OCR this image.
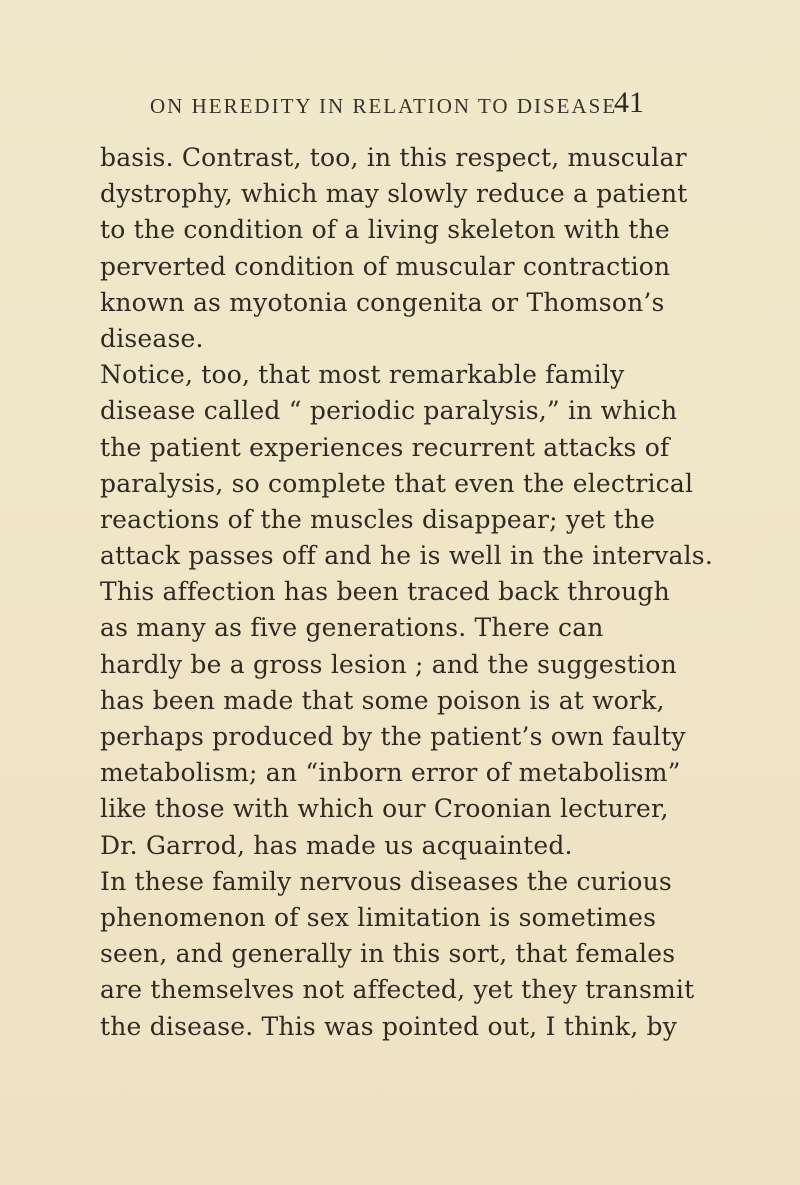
ON HEREDITY IN RELATION TO DISEASE
41
basis. Contrast, too, in this respect, muscular
dystrophy, which may slowly reduce a patient
to the condition of a living skeleton with the
perverted condition of muscular contraction
known as myotonia congenita or Thomson’s
disease.
Notice, too, that most remarkable family
disease called “ periodic paralysis,” in which
the patient experiences recurrent attacks of
paralysis, so complete that even the electrical
reactions of the muscles disappear; yet the
attack passes off and he is well in the intervals.
This affection has been traced back through
as many as five generations. There can
hardly be a gross lesion ; and the suggestion
has been made that some poison is at work,
perhaps produced by the patient’s own faulty
metabolism; an “inborn error of metabolism”
like those with which our Croonian lecturer,
Dr. Garrod, has made us acquainted.
In these family nervous diseases the curious
phenomenon of sex limitation is sometimes
seen, and generally in this sort, that females
are themselves not affected, yet they transmit
the disease. This was pointed out, I think, by
